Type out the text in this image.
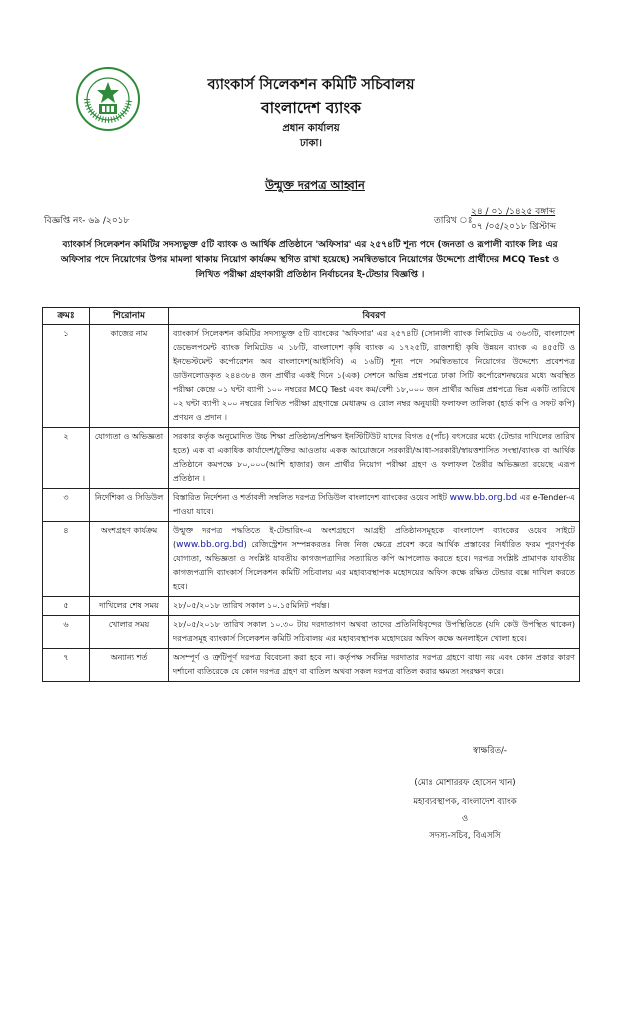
ব্যাংকার্স সিলেকশন কমিটি সচিবালয়
বাংলাদেশ ব্যাংক
প্রধান কার্যালয়
ঢাকা।
উন্মুক্ত দরপত্র আহ্বান
বিজ্ঞপ্তি নং- ৬৯ /২০১৮	তারিখ ঃ
২৪ / ০১ /১৪২৫ বঙ্গাব্দ
০৭ /০৫/২০১৮ খ্রিস্টাব্দ
ব্যাংকার্স সিলেকশন কমিটির সদস্যভুক্ত ৫টি ব্যাংক ও আর্থিক প্রতিষ্ঠানে 'অফিসার' এর ২৫৭৪টি শূন্য পদে (জনতা ও রূপালী ব্যাংক লিঃ এর অফিসার পদে নিয়োগের উপর মামলা থাকায় নিয়োগ কার্যক্রম স্থগিত রাখা হয়েছে) সমন্বিতভাবে নিয়োগের উদ্দেশ্যে প্রার্থীদের MCQ Test ও লিখিত পরীক্ষা গ্রহণকারী প্রতিষ্ঠান নির্বাচনের ই-টেন্ডার বিজ্ঞপ্তি ।
ক্রমঃ	শিরোনাম	বিবরণ
১	কাজের নাম	ব্যাংকার্স সিলেকশন কমিটির সদস্যভুক্ত ৫টি ব্যাংকের 'অফিসার' এর ২৫৭৪টি (সোনালী ব্যাংক লিমিটেড এ ৩৬৩টি, বাংলাদেশ ডেভেলপমেন্ট ব্যাংক লিমিটেড এ ১৮টি, বাংলাদেশ কৃষি ব্যাংক এ ১৭২৫টি, রাজশাহী কৃষি উন্নয়ন ব্যাংক এ ৪৫৫টি ও ইনভেস্টমেন্ট কর্পোরেশন অব বাংলাদেশ(আইসিবি) এ ১৬টি) শূন্য পদে সমন্বিতভাবে নিয়োগের উদ্দেশ্যে প্রবেশপত্র ডাউনলোডকৃত ২৪৪৩৮৪ জন প্রার্থীর একই দিনে ১(এক) সেশনে অভিন্ন প্রশ্নপত্রে ঢাকা সিটি কর্পোরেশনদ্বয়ের মধ্যে অবস্থিত পরীক্ষা কেন্দ্রে ০১ ঘন্টা ব্যাপী ১০০ নম্বরের MCQ Test এবং কম/বেশী ১৮,০০০ জন প্রার্থীর অভিন্ন প্রশ্নপত্রে ভিন্ন একটি তারিখে ০২ ঘন্টা ব্যাপী ২০০ নম্বরের লিখিত পরীক্ষা গ্রহণান্তে মেধাক্রম ও রোল নম্বর অনুযায়ী ফলাফল তালিকা (হার্ড কপি ও সফট কপি) প্রণয়ন ও প্রদান ।
২	যোগ্যতা ও অভিজ্ঞতা	সরকার কর্তৃক অনুমোদিত উচ্চ শিক্ষা প্রতিষ্ঠান/প্রশিক্ষণ ইনস্টিটিউট যাদের বিগত ৫(পাঁচ) বৎসরের মধ্যে (টেন্ডার দাখিলের তারিখ হতে) এক বা একাধিক কার্যাদেশ/চুক্তির আওতায় একক আয়োজনে সরকারী/আধা-সরকারী/স্বায়ত্তশাসিত সংস্থা/ব্যাংক বা আর্থিক প্রতিষ্ঠানে কমপক্ষে ৮০,০০০(আশি হাজার) জন প্রার্থীর নিয়োগ পরীক্ষা গ্রহণ ও ফলাফল তৈরীর অভিজ্ঞতা রয়েছে এরূপ প্রতিষ্ঠান ।
৩	নির্দেশিকা ও সিডিউল	বিস্তারিত নির্দেশনা ও শর্তাবলী সম্বলিত দরপত্র সিডিউল বাংলাদেশ ব্যাংকের ওয়েব সাইট www.bb.org.bd এর e-Tender-এ পাওয়া যাবে।
৪	অংশগ্রহণ কার্যক্রম	উন্মুক্ত দরপত্র পদ্ধতিতে ই-টেন্ডারিং-এ অংশগ্রহণে আগ্রহী প্রতিষ্ঠানসমূহকে বাংলাদেশ ব্যাংকের ওয়েব সাইটে (www.bb.org.bd) রেজিস্ট্রেশন সম্পন্নকরতঃ নিজ নিজ ক্ষেত্রে প্রবেশ করে আর্থিক প্রস্তাবের নির্ধারিত ফরম পূরণপূর্বক যোগ্যতা, অভিজ্ঞতা ও সংশ্লিষ্ট যাবতীয় কাগজপত্রাদির সত্যায়িত কপি আপলোড করতে হবে। দরপত্র সংশ্লিষ্ট প্রামাণক যাবতীয় কাগজপত্রাদি ব্যাংকার্স সিলেকশন কমিটি সচিবালয় এর মহাব্যবস্থাপক মহোদয়ের অফিস কক্ষে রক্ষিত টেন্ডার বক্সে দাখিল করতে হবে।
৫	দাখিলের শেষ সময়	২৮/০৫/২০১৮ তারিখ সকাল ১০.১৫মিনিট পর্যন্ত।
৬	খোলার সময়	২৮/০৫/২০১৮ তারিখ সকাল ১০.৩০ টায় দরদাতাগণ অথবা তাদের প্রতিনিধিবৃন্দের উপস্থিতিতে (যদি কেউ উপস্থিত থাকেন) দরপত্রসমূহ ব্যাংকার্স সিলেকশন কমিটি সচিবালয় এর মহাব্যবস্থাপক মহোদয়ের অফিস কক্ষে অনলাইনে খোলা হবে।
৭	অন্যান্য শর্ত	অসম্পূর্ণ ও ত্রুটিপূর্ণ দরপত্র বিবেচনা করা হবে না। কর্তৃপক্ষ সর্বনিম্ন দরদাতার দরপত্র গ্রহণে বাধ্য নয় এবং কোন প্রকার কারণ দর্শানো ব্যতিরেকে যে কোন দরপত্র গ্রহণ বা বাতিল অথবা সকল দরপত্র বাতিল করার ক্ষমতা সংরক্ষণ করে।
স্বাক্ষরিত/-
(মোঃ মোশাররফ হোসেন খান)
মহাব্যবস্থাপক, বাংলাদেশ ব্যাংক
ও
সদস্য-সচিব, বিএসসি
